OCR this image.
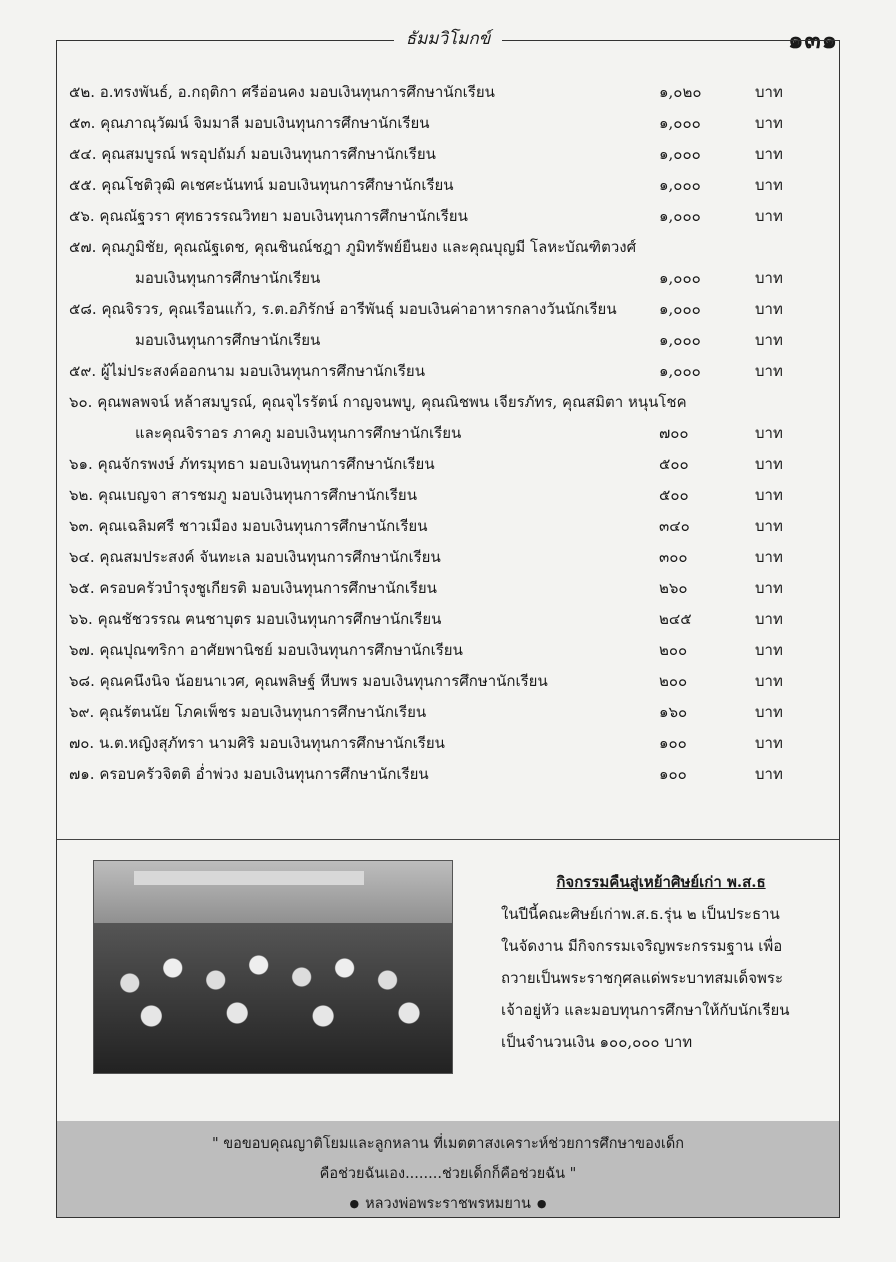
๑๓๑
ธัมมวิโมกข์
๕๒. อ.ทรงพันธ์, อ.กฤติกา ศรีอ่อนคง มอบเงินทุนการศึกษานักเรียน	๑,๐๒๐	บาท
๕๓. คุณภาณุวัฒน์ จิมมาลี มอบเงินทุนการศึกษานักเรียน	๑,๐๐๐	บาท
๕๔. คุณสมบูรณ์ พรอุปถัมภ์ มอบเงินทุนการศึกษานักเรียน	๑,๐๐๐	บาท
๕๕. คุณโชติวุฒิ คเชศะนันทน์ มอบเงินทุนการศึกษานักเรียน	๑,๐๐๐	บาท
๕๖. คุณณัฐวรา ศุทธวรรณวิทยา มอบเงินทุนการศึกษานักเรียน	๑,๐๐๐	บาท
๕๗. คุณภูมิชัย, คุณณัฐเดช, คุณชินณ์ชฎา ภูมิทรัพย์ยืนยง และคุณบุญมี โลหะบัณฑิตวงศ์
มอบเงินทุนการศึกษานักเรียน	๑,๐๐๐	บาท
๕๘. คุณจิรวร, คุณเรือนแก้ว, ร.ต.อภิรักษ์ อารีพันธุ์ มอบเงินค่าอาหารกลางวันนักเรียน	๑,๐๐๐	บาท
มอบเงินทุนการศึกษานักเรียน	๑,๐๐๐	บาท
๕๙. ผู้ไม่ประสงค์ออกนาม มอบเงินทุนการศึกษานักเรียน	๑,๐๐๐	บาท
๖๐. คุณพลพจน์ หล้าสมบูรณ์, คุณจุไรรัตน์ กาญจนพบู, คุณณิชพน เจียรภัทร, คุณสมิตา หนุนโชค
และคุณจิราอร ภาคภู มอบเงินทุนการศึกษานักเรียน	๗๐๐	บาท
๖๑. คุณจักรพงษ์ ภัทรมุทธา มอบเงินทุนการศึกษานักเรียน	๕๐๐	บาท
๖๒. คุณเบญจา สารชมภู มอบเงินทุนการศึกษานักเรียน	๕๐๐	บาท
๖๓. คุณเฉลิมศรี ชาวเมือง มอบเงินทุนการศึกษานักเรียน	๓๔๐	บาท
๖๔. คุณสมประสงค์ จันทะเล มอบเงินทุนการศึกษานักเรียน	๓๐๐	บาท
๖๕. ครอบครัวบำรุงชูเกียรติ มอบเงินทุนการศึกษานักเรียน	๒๖๐	บาท
๖๖. คุณชัชวรรณ ฅนชาบุตร มอบเงินทุนการศึกษานักเรียน	๒๔๕	บาท
๖๗. คุณปุณฑริกา อาศัยพานิชย์ มอบเงินทุนการศึกษานักเรียน	๒๐๐	บาท
๖๘. คุณคนึงนิจ น้อยนาเวศ, คุณพลิษฐ์ หีบพร มอบเงินทุนการศึกษานักเรียน	๒๐๐	บาท
๖๙. คุณรัตนนัย โภคเพ็ชร มอบเงินทุนการศึกษานักเรียน	๑๖๐	บาท
๗๐. น.ต.หญิงสุภัทรา นามศิริ มอบเงินทุนการศึกษานักเรียน	๑๐๐	บาท
๗๑. ครอบครัวจิตติ อ่ำพ่วง มอบเงินทุนการศึกษานักเรียน	๑๐๐	บาท
กิจกรรมคืนสู่เหย้าศิษย์เก่า พ.ส.ธ
ในปีนี้คณะศิษย์เก่าพ.ส.ธ.รุ่น ๒ เป็นประธาน
ในจัดงาน มีกิจกรรมเจริญพระกรรมฐาน เพื่อ
ถวายเป็นพระราชกุศลแด่พระบาทสมเด็จพระ
เจ้าอยู่หัว และมอบทุนการศึกษาให้กับนักเรียน
เป็นจำนวนเงิน ๑๐๐,๐๐๐ บาท
" ขอขอบคุณญาติโยมและลูกหลาน ที่เมตตาสงเคราะห์ช่วยการศึกษาของเด็ก
คือช่วยฉันเอง........ช่วยเด็กก็คือช่วยฉัน "
● หลวงพ่อพระราชพรหมยาน ●
